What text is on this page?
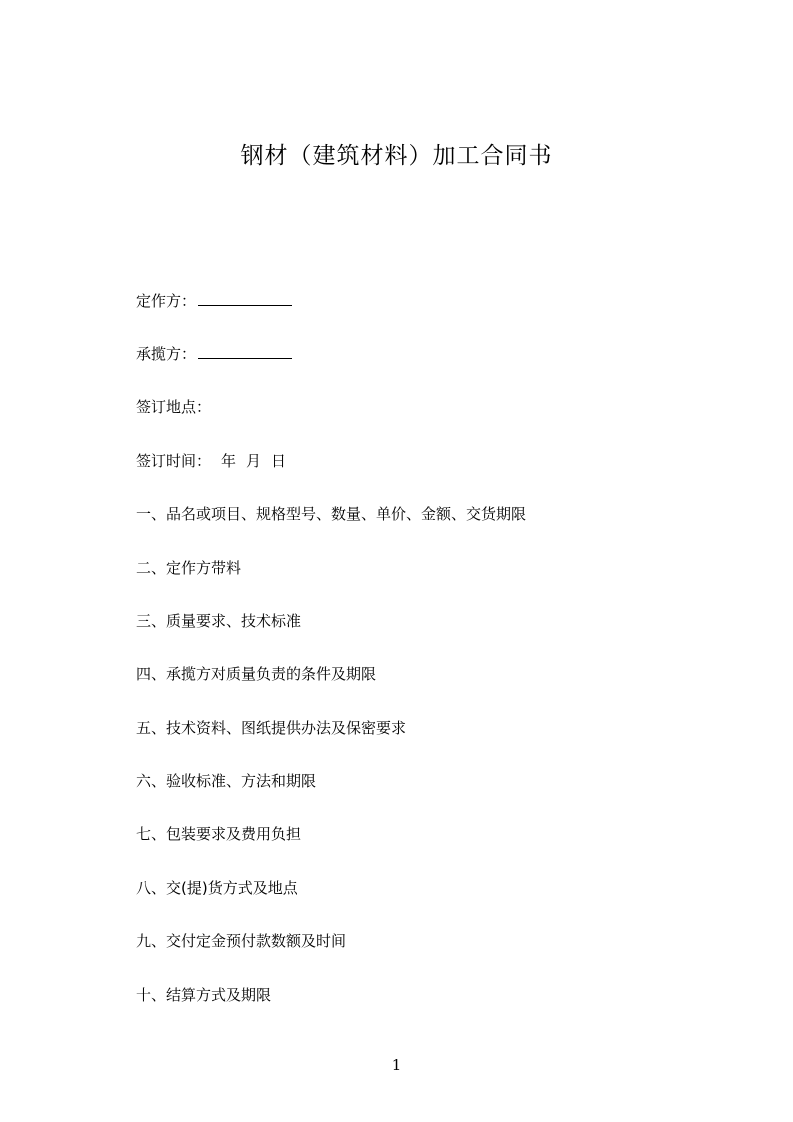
钢材（建筑材料）加工合同书
定作方：
承揽方：
签订地点：
签订时间： 年 月 日
一、品名或项目、规格型号、数量、单价、金额、交货期限
二、定作方带料
三、质量要求、技术标准
四、承揽方对质量负责的条件及期限
五、技术资料、图纸提供办法及保密要求
六、验收标准、方法和期限
七、包装要求及费用负担
八、交(提)货方式及地点
九、交付定金预付款数额及时间
十、结算方式及期限
1
